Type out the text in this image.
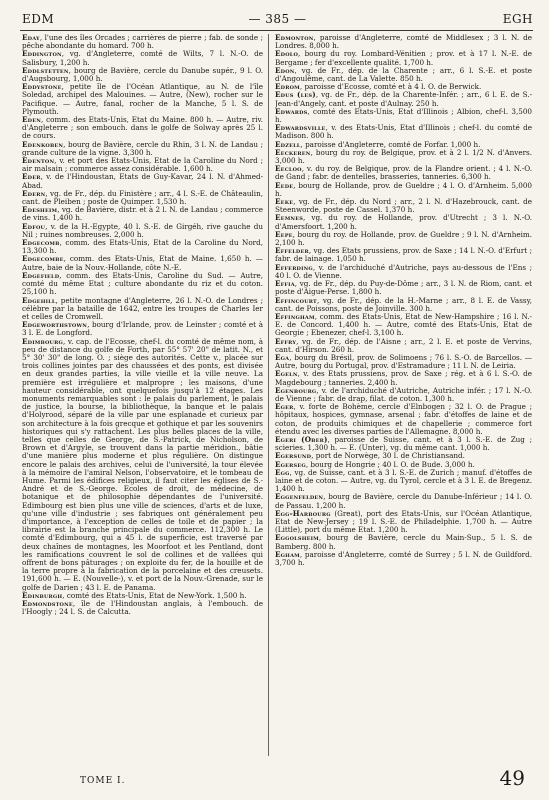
EDM	— 385 —	EGH
Eday, l'une des îles Orcades ; carrières de pierre ; fab. de sonde ; pêche abondante du homard. 700 h.
Eddington, vg. d'Angleterre, comté de Wilts, 7 l. N.-O. de Salisbury, 1,200 h.
Eddlstetten, bourg de Bavière, cercle du Danube supér., 9 l. O. d'Augsbourg, 1,000 h.
Eddystone, petite île de l'Océan Atlantique, au N. de l'île Soledad, archipel des Malouines. — Autre, (New), rocher sur le Pacifique. — Autre, fanal, rocher de la Manche, 5 l. S. de Plymouth.
Eden, comm. des Etats-Unis, Etat du Maine. 800 h. — Autre, riv. d'Angleterre ; son embouch. dans le golfe de Solway après 25 l. de cours.
Edenkoben, bourg de Bavière, cercle du Rhin, 3 l. N. de Landau ; grande culture de la vigne. 3,300 h.
Edenton, v. et port des Etats-Unis, Etat de la Caroline du Nord ; air malsain ; commerce assez considérable. 1,600 h.
Eder, v. de l'Hindoustan, Etats de Guy-Kavar, 24 l. N. d'Ahmed-Abad.
Edern, vg. de Fr., dép. du Finistère ; arr., 4 l. S.-E. de Châteaulin, cant. de Pleiben ; poste de Quimper. 1,530 h.
Edesheim, vg. de Bavière, distr. et à 2 l. N. de Landau ; commerce de vins. 1,400 h.
Edfou, v. de la H.-Egypte, 40 l. S.-E. de Girgéh, rive gauche du Nil ; ruines nombreuses. 2,000 h.
Edgecomb, comm. des Etats-Unis, Etat de la Caroline du Nord, 13,300 h.
Edgecombe, comm. des Etats-Unis, Etat de Maine. 1,650 h. — Autre, baie de la Nouv.-Hollande, côte N.-E.
Edgefield, comm. des Etats-Unis, Caroline du Sud. — Autre, comté du même Etat ; culture abondante du riz et du coton. 25,100 h.
Edgehill, petite montagne d'Angleterre, 26 l. N.-O. de Londres ; célèbre par la bataille de 1642, entre les troupes de Charles Ier et celles de Cromwell.
Edgeworthstown, bourg d'Irlande, prov. de Leinster ; comté et à 3 l. E. de Longford.
Edimbourg, v. cap. de l'Ecosse, chef-l. du comté de même nom, à peu de distance du golfe de Forth, par 55° 57' 20" de latit. N., et 5° 30' 30" de long. O. ; siège des autorités. Cette v., placée sur trois collines jointes par des chaussées et des ponts, est divisée en deux grandes parties, la ville vieille et la ville neuve. La première est irrégulière et malpropre ; les maisons, d'une hauteur considérable, ont quelquefois jusqu'à 12 étages. Les monuments remarquables sont : le palais du parlement, le palais de justice, la bourse, la bibliothèque, la banque et le palais d'Holyrood, séparé de la ville par une esplanade et curieux par son architecture à la fois grecque et gothique et par les souvenirs historiques qui s'y rattachent. Les plus belles places de la ville, telles que celles de George, de S.-Patrick, de Nicholson, de Brown et d'Argyle, se trouvent dans la partie méridion., bâtie d'une manière plus moderne et plus régulière. On distingue encore le palais des archives, celui de l'université, la tour élevée à la mémoire de l'amiral Nelson, l'observatoire, et le tombeau de Hume. Parmi les édifices religieux, il faut citer les églises de S.-André et de S.-George. Ecoles de droit, de médecine, de botanique et de philosophie dépendantes de l'université. Edimbourg est bien plus une ville de sciences, d'arts et de luxe, qu'une ville d'industrie ; ses fabriques ont généralement peu d'importance, à l'exception de celles de toile et de papier ; la librairie est la branche principale du commerce. 112,300 h. Le comté d'Edimbourg, qui a 45 l. de superficie, est traversé par deux chaînes de montagnes, les Moorfoot et les Pentland, dont les ramifications couvrent le sol de collines et de vallées qui offrent de bons pâturages ; on exploite du fer, de la houille et de la terre propre à la fabrication de la porcelaine et des creusets. 191,600 h. — E. (Nouvelle-), v. et port de la Nouv.-Grenade, sur le golfe de Darien ; 43 l. E. de Panama.
Edinburgh, comté des Etats-Unis, Etat de New-York. 1,500 h.
Edmondstone, île de l'Hindoustan anglais, à l'embouch. de l'Hoogly ; 24 l. S. de Calcutta.
Edmonton, paroisse d'Angleterre, comté de Middlesex ; 3 l. N. de Londres. 8,000 h.
Edolo, bourg du roy. Lombard-Vénitien ; prov. et à 17 l. N.-E. de Bergame ; fer d'excellente qualité. 1,700 h.
Edon, vg. de Fr., dép. de la Charente ; arr., 6 l. S.-E. et poste d'Angoulême, cant. de La Valette. 850 h.
Edrom, paroisse d'Ecosse, comté et à 4 l. O. de Berwick.
Edus (les), vg. de Fr., dép. de la Charente-Infér. ; arr., 6 l. E. de S.-Jean-d'Angely, cant. et poste d'Aulnay. 250 h.
Edwards, comté des Etats-Unis, Etat d'Illinois ; Albion, chef-l. 3,500 h.
Edwardsville, v. des Etats-Unis, Etat d'Illinois ; chef-l. du comté de Madison. 800 h.
Edzell, paroisse d'Angleterre, comté de Forfar. 1,000 h.
Eeckeren, bourg du roy. de Belgique, prov. et à 2 l. 1/2 N. d'Anvers. 3,000 h.
Eecloo, v. du roy. de Belgique, prov. de la Flandre orient. ; 4 l. N.-O. de Gand ; fabr. de dentelles, brasseries, tanneries. 6,300 h.
Eede, bourg de Hollande, prov. de Gueldre ; 4 l. O. d'Arnheim. 5,000 h.
Eeke, vg. de Fr., dép. du Nord ; arr., 2 l. N. d'Hazebrouck, cant. de Steenworde, poste de Cassel. 1,370 h.
Eemnes, vg. du roy. de Hollande, prov. d'Utrecht ; 3 l. N.-O. d'Amersfoort. 1,200 h.
Eepe, bourg du roy. de Hollande, prov. de Gueldre ; 9 l. N. d'Arnheim. 2,100 h.
Effelder, vg. des Etats prussiens, prov. de Saxe ; 14 l. N.-O. d'Erfurt ; fabr. de lainage. 1,050 h.
Efferding, v. de l'archiduché d'Autriche, pays au-dessous de l'Ens ; 40 l. O. de Vienne.
Effia, vg. de Fr., dép. du Puy-de-Dôme ; arr., 3 l. N. de Riom, cant. et poste d'Aigue-Perse. 1,800 h.
Effincourt, vg. de Fr., dép. de la H.-Marne ; arr., 8 l. E. de Vassy, cant. de Poissons, poste de Joinville. 300 h.
Effingham, comm. des Etats-Unis, Etat de New-Hampshire ; 16 l. N.-E. de Concord. 1,400 h. — Autre, comté des Etats-Unis, Etat de Georgie ; Ebenezer, chef-l. 3,100 h.
Effry, vg. de Fr., dép. de l'Aisne ; arr., 2 l. E. et poste de Vervins, cant. d'Hirson. 260 h.
Ega, bourg du Brésil, prov. de Solimoens ; 76 l. S.-O. de Barcellos. — Autre, bourg du Portugal, prov. d'Estramadure ; 11 l. N. de Leiria.
Egeln, v. des Etats prussiens, prov. de Saxe ; rég. et à 6 l. S.-O. de Magdebourg ; tanneries. 2,400 h.
Egenbourg, v. de l'archiduché d'Autriche, Autriche infér. ; 17 l. N.-O. de Vienne ; fabr. de drap, filat. de coton. 1,300 h.
Eger, v. forte de Bohème, cercle d'Elnbogen ; 32 l. O. de Prague ; hôpitaux, hospices, gymnase, arsenal ; fabr. d'étoffes de laine et de coton, de produits chimiques et de chapellerie ; commerce fort étendu avec les diverses parties de l'Allemagne. 8,000 h.
Egeri (Ober), paroisse de Suisse, cant. et à 3 l. S.-E. de Zug ; scieries. 1,300 h. — E. (Unter), vg. du même cant. 1,000 h.
Egersund, port de Norwège, 30 l. de Christiansand.
Egerseg, bourg de Hongrie ; 40 l. O. de Bude. 3,000 h.
Egg, vg. de Suisse, cant. et à 3 l. S.-E. de Zurich ; manuf. d'étoffes de laine et de coton. — Autre, vg. du Tyrol, cercle et à 3 l. E. de Bregenz. 1,400 h.
Eggenfelden, bourg de Bavière, cercle du Danube-Inférieur ; 14 l. O. de Passau. 1,200 h.
Egg-Harbourg (Great), port des Etats-Unis, sur l'Océan Atlantique, Etat de New-Jersey ; 19 l. S.-E. de Philadelphie. 1,700 h. — Autre (Little), port du même Etat. 1,200 h.
Eggolsheim, bourg de Bavière, cercle du Main-Sup., 5 l. S. de Bamberg. 800 h.
Egham, paroisse d'Angleterre, comté de Surrey ; 5 l. N. de Guildford. 3,700 h.
TOME I.	49
